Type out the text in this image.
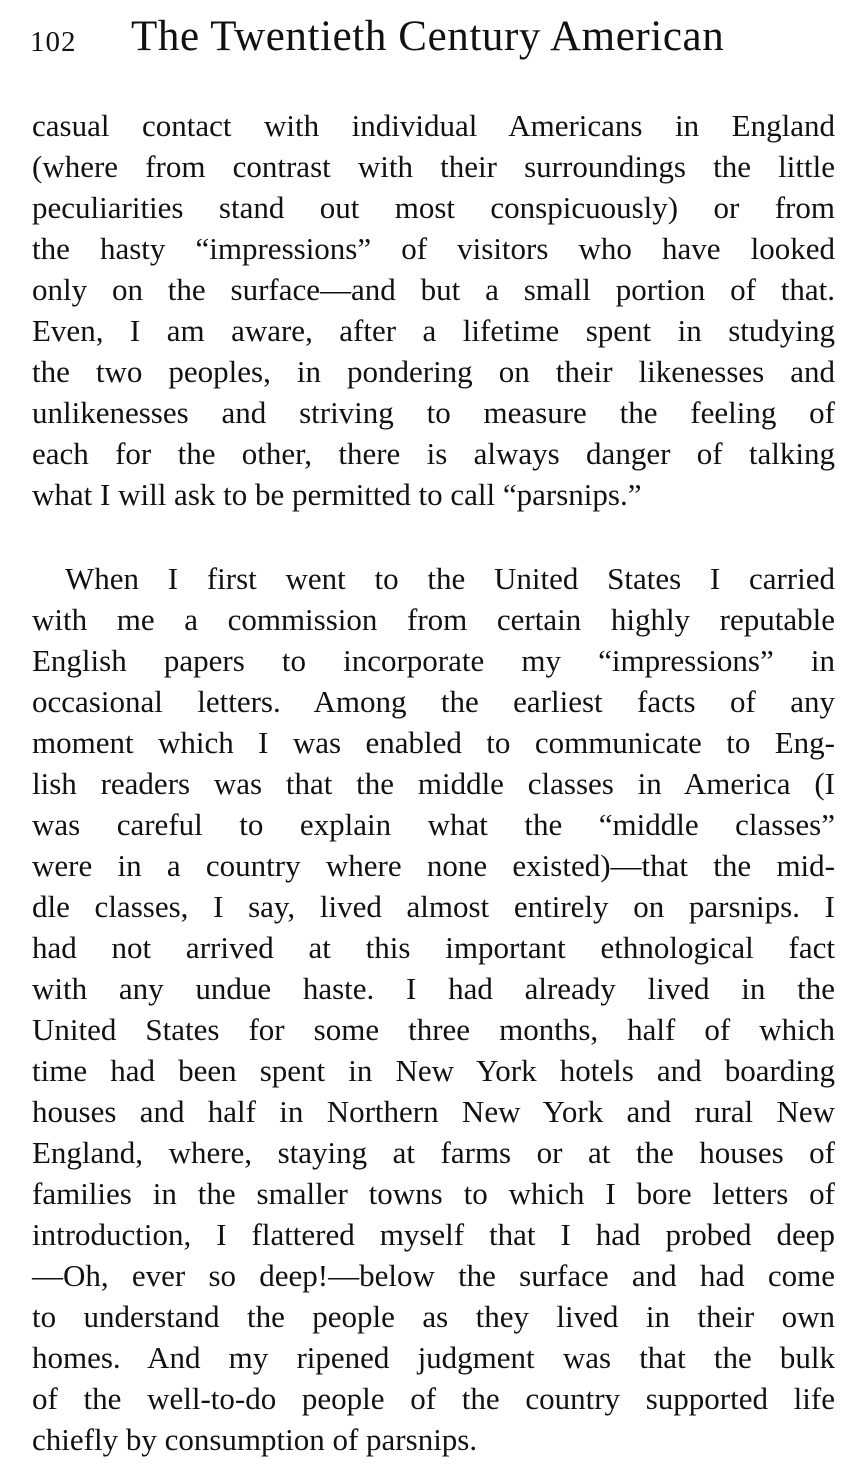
102 The Twentieth Century American
casual contact with individual Americans in England
(where from contrast with their surroundings the little
peculiarities stand out most conspicuously) or from
the hasty “impressions” of visitors who have looked
only on the surface—and but a small portion of that.
Even, I am aware, after a lifetime spent in studying
the two peoples, in pondering on their likenesses and
unlikenesses and striving to measure the feeling of
each for the other, there is always danger of talking
what I will ask to be permitted to call “parsnips.”
When I first went to the United States I carried
with me a commission from certain highly reputable
English papers to incorporate my “impressions” in
occasional letters. Among the earliest facts of any
moment which I was enabled to communicate to Eng-
lish readers was that the middle classes in America (I
was careful to explain what the “middle classes”
were in a country where none existed)—that the mid-
dle classes, I say, lived almost entirely on parsnips. I
had not arrived at this important ethnological fact
with any undue haste. I had already lived in the
United States for some three months, half of which
time had been spent in New York hotels and boarding
houses and half in Northern New York and rural New
England, where, staying at farms or at the houses of
families in the smaller towns to which I bore letters of
introduction, I flattered myself that I had probed deep
—Oh, ever so deep!—below the surface and had come
to understand the people as they lived in their own
homes. And my ripened judgment was that the bulk
of the well-to-do people of the country supported life
chiefly by consumption of parsnips.
